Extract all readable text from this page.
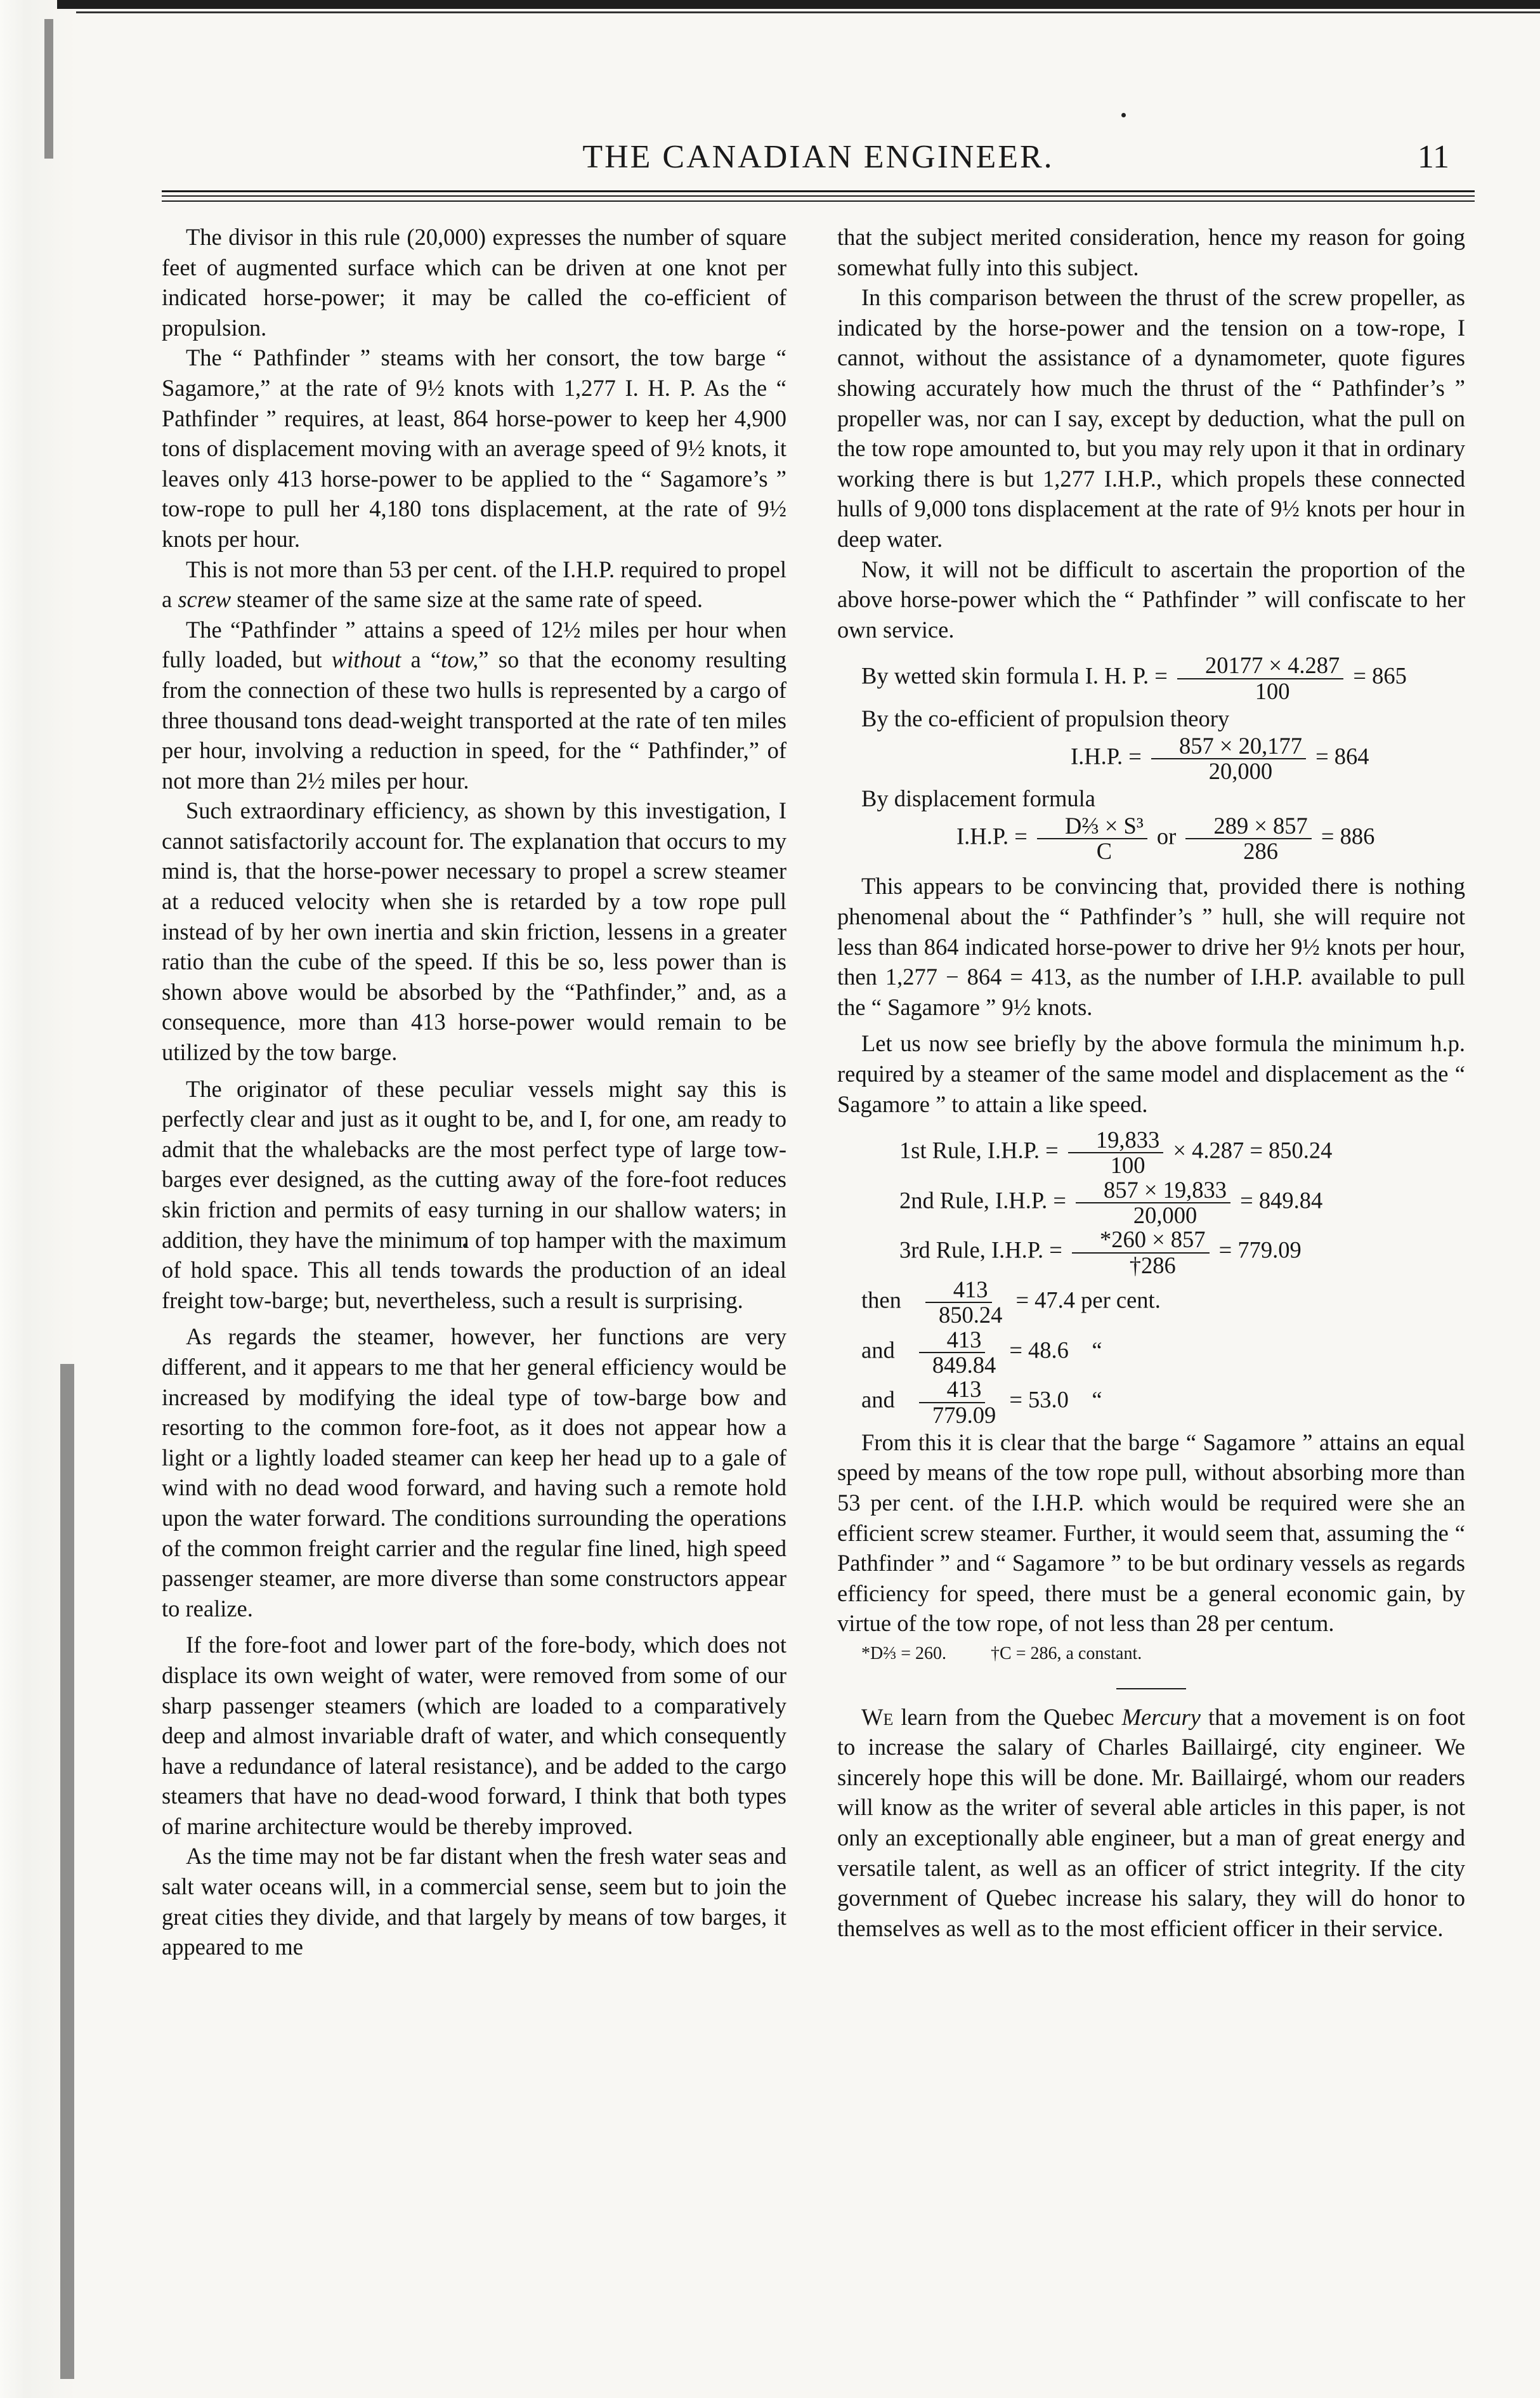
THE CANADIAN ENGINEER.	11

The divisor in this rule (20,000) expresses the number of square feet of augmented surface which can be driven at one knot per indicated horse-power; it may be called the co-efficient of propulsion.

The “ Pathfinder ” steams with her consort, the tow barge “ Sagamore,” at the rate of 9½ knots with 1,277 I. H. P. As the “ Pathfinder ” requires, at least, 864 horse-power to keep her 4,900 tons of displacement moving with an average speed of 9½ knots, it leaves only 413 horse-power to be applied to the “ Sagamore’s ” tow-rope to pull her 4,180 tons displacement, at the rate of 9½ knots per hour.

This is not more than 53 per cent. of the I.H.P. required to propel a screw steamer of the same size at the same rate of speed.

The “Pathfinder ” attains a speed of 12½ miles per hour when fully loaded, but without a “tow,” so that the economy resulting from the connection of these two hulls is represented by a cargo of three thousand tons dead-weight transported at the rate of ten miles per hour, involving a reduction in speed, for the “ Pathfinder,” of not more than 2½ miles per hour.

Such extraordinary efficiency, as shown by this investigation, I cannot satisfactorily account for. The explanation that occurs to my mind is, that the horse-power necessary to propel a screw steamer at a reduced velocity when she is retarded by a tow rope pull instead of by her own inertia and skin friction, lessens in a greater ratio than the cube of the speed. If this be so, less power than is shown above would be absorbed by the “Pathfinder,” and, as a consequence, more than 413 horse-power would remain to be utilized by the tow barge.

The originator of these peculiar vessels might say this is perfectly clear and just as it ought to be, and I, for one, am ready to admit that the whalebacks are the most perfect type of large tow-barges ever designed, as the cutting away of the fore-foot reduces skin friction and permits of easy turning in our shallow waters; in addition, they have the minimum of top hamper with the maximum of hold space. This all tends towards the production of an ideal freight tow-barge; but, nevertheless, such a result is surprising.

As regards the steamer, however, her functions are very different, and it appears to me that her general efficiency would be increased by modifying the ideal type of tow-barge bow and resorting to the common fore-foot, as it does not appear how a light or a lightly loaded steamer can keep her head up to a gale of wind with no dead wood forward, and having such a remote hold upon the water forward. The conditions surrounding the operations of the common freight carrier and the regular fine lined, high speed passenger steamer, are more diverse than some constructors appear to realize.

If the fore-foot and lower part of the fore-body, which does not displace its own weight of water, were removed from some of our sharp passenger steamers (which are loaded to a comparatively deep and almost invariable draft of water, and which consequently have a redundance of lateral resistance), and be added to the cargo steamers that have no dead-wood forward, I think that both types of marine architecture would be thereby improved.

As the time may not be far distant when the fresh water seas and salt water oceans will, in a commercial sense, seem but to join the great cities they divide, and that largely by means of tow barges, it appeared to me

that the subject merited consideration, hence my reason for going somewhat fully into this subject.

In this comparison between the thrust of the screw propeller, as indicated by the horse-power and the tension on a tow-rope, I cannot, without the assistance of a dynamometer, quote figures showing accurately how much the thrust of the “ Pathfinder’s ” propeller was, nor can I say, except by deduction, what the pull on the tow rope amounted to, but you may rely upon it that in ordinary working there is but 1,277 I.H.P., which propels these connected hulls of 9,000 tons displacement at the rate of 9½ knots per hour in deep water.

Now, it will not be difficult to ascertain the proportion of the above horse-power which the “ Pathfinder ” will confiscate to her own service.

By wetted skin formula I. H. P. = $\frac{20177 \times 4.287}{100} = 865$

By the co-efficient of propulsion theory

I.H.P. = $\frac{857 \times 20,177}{20,000} = 864$

By displacement formula

I.H.P. = $\frac{\text{D⅔ × S³}}{C}$ or $\frac{289 \times 857}{286} = 886$

This appears to be convincing that, provided there is nothing phenomenal about the “ Pathfinder’s ” hull, she will require not less than 864 indicated horse-power to drive her 9½ knots per hour, then 1,277 − 864 = 413, as the number of I.H.P. available to pull the “ Sagamore ” 9½ knots.

Let us now see briefly by the above formula the minimum h.p. required by a steamer of the same model and displacement as the “ Sagamore ” to attain a like speed.

1st Rule, I.H.P. = $\frac{19,833}{100} \times 4.287 = 850.24$

2nd Rule, I.H.P. = $\frac{857 \times 19,833}{20,000} = 849.84$

3rd Rule, I.H.P. = $\frac{*260 \times 857}{\dagger 286} = 779.09$

then $\frac{413}{850.24} = 47.4$ per cent.

and $\frac{413}{849.84} = 48.6$    “

and $\frac{413}{779.09} = 53.0$    “

From this it is clear that the barge “ Sagamore ” attains an equal speed by means of the tow rope pull, without absorbing more than 53 per cent. of the I.H.P. which would be required were she an efficient screw steamer. Further, it would seem that, assuming the “ Pathfinder ” and “ Sagamore ” to be but ordinary vessels as regards efficiency for speed, there must be a general economic gain, by virtue of the tow rope, of not less than 28 per centum.

*D⅔ = 260.	†C = 286, a constant.

We learn from the Quebec Mercury that a movement is on foot to increase the salary of Charles Baillairgé, city engineer. We sincerely hope this will be done. Mr. Baillairgé, whom our readers will know as the writer of several able articles in this paper, is not only an exceptionally able engineer, but a man of great energy and versatile talent, as well as an officer of strict integrity. If the city government of Quebec increase his salary, they will do honor to themselves as well as to the most efficient officer in their service.
